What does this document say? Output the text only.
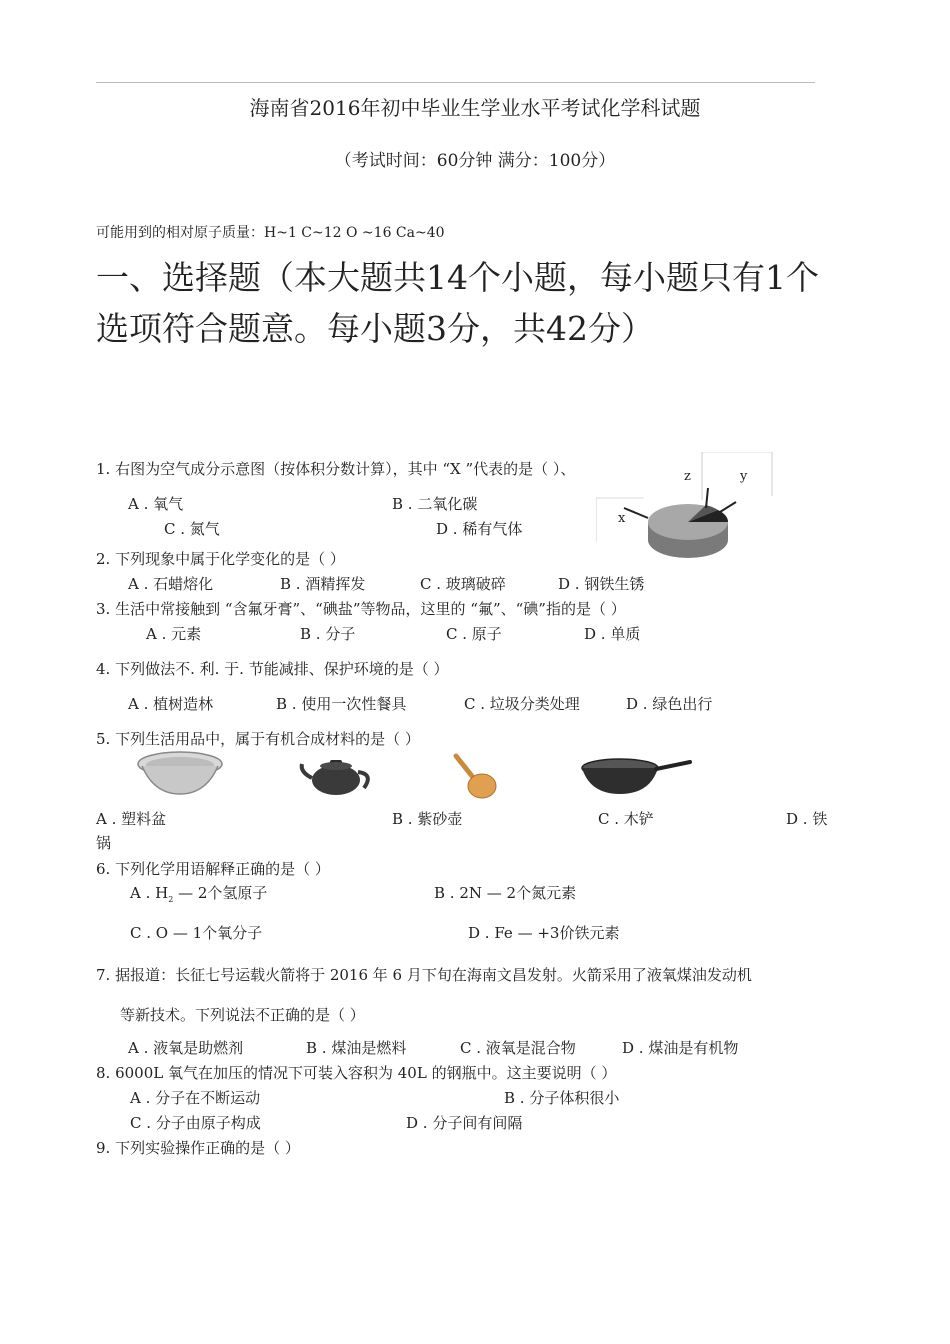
海南省2016年初中毕业生学业水平考试化学科试题
（考试时间：60分钟 满分：100分）
可能用到的相对原子质量：H~1 C~12 O ~16 Ca~40
一、选择题（本大题共14个小题，每小题只有1个选项符合题意。每小题3分，共42分）
1. 右图为空气成分示意图（按体积分数计算），其中 “X ”代表的是（ ）、
A . 氧气	B . 二氧化碳
C . 氮气	D . 稀有气体
z	y
x
2. 下列现象中属于化学变化的是（ ）
A . 石蜡熔化	B . 酒精挥发	C . 玻璃破碎	D . 钢铁生锈
3. 生活中常接触到 “含氟牙膏”、“碘盐”等物品，这里的 “氟”、“碘”指的是（ ）
A . 元素	B . 分子	C . 原子	D . 单质
4. 下列做法不. 利. 于. 节能减排、保护环境的是（ ）
A . 植树造林	B . 使用一次性餐具	C . 垃圾分类处理	D . 绿色出行
5. 下列生活用品中，属于有机合成材料的是（ ）
A . 塑料盆	B . 紫砂壶	C . 木铲	D . 铁
锅
6. 下列化学用语解释正确的是（ ）
A . $H_2$ — 2个氢原子	B . 2N — 2个氮元素
C . O — 1个氧分子	D . Fe — +3价铁元素
7. 据报道：长征七号运载火箭将于 2016 年 6 月下旬在海南文昌发射。火箭采用了液氧煤油发动机
等新技术。下列说法不正确的是（ ）
A . 液氧是助燃剂	B . 煤油是燃料	C . 液氧是混合物	D . 煤油是有机物
8. 6000L 氧气在加压的情况下可装入容积为 40L 的钢瓶中。这主要说明（ ）
A . 分子在不断运动	B . 分子体积很小
C . 分子由原子构成	D . 分子间有间隔
9. 下列实验操作正确的是（ ）
